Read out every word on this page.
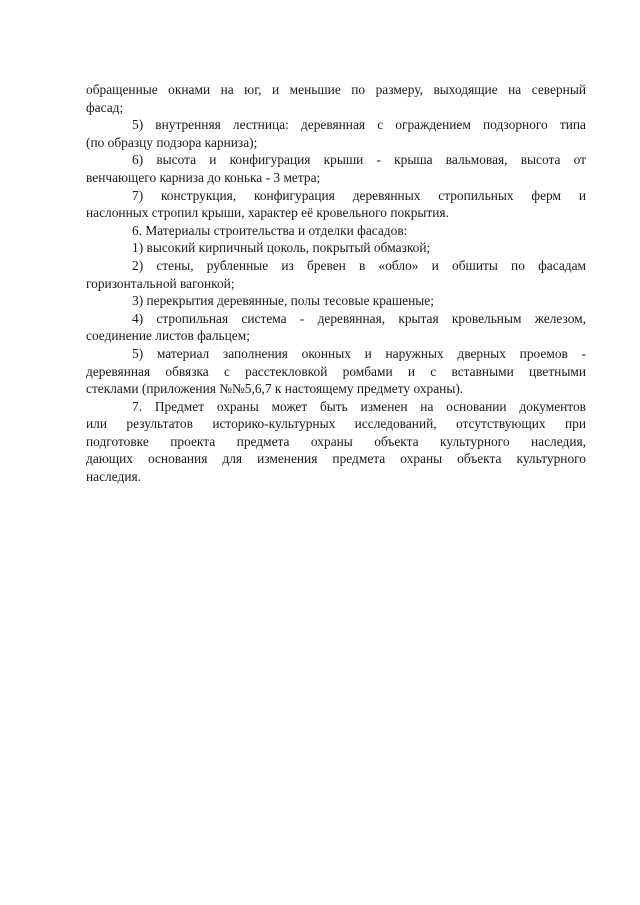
обращенные окнами на юг, и меньшие по размеру, выходящие на северный
фасад;
5) внутренняя лестница: деревянная с ограждением подзорного типа
(по образцу подзора карниза);
6) высота и конфигурация крыши - крыша вальмовая, высота от
венчающего карниза до конька - 3 метра;
7) конструкция, конфигурация деревянных стропильных ферм и
наслонных стропил крыши, характер её кровельного покрытия.
6. Материалы строительства и отделки фасадов:
1) высокий кирпичный цоколь, покрытый обмазкой;
2) стены, рубленные из бревен в «обло» и обшиты по фасадам
горизонтальной вагонкой;
3) перекрытия деревянные, полы тесовые крашеные;
4) стропильная система - деревянная, крытая кровельным железом,
соединение листов фальцем;
5) материал заполнения оконных и наружных дверных проемов -
деревянная обвязка с расстекловкой ромбами и с вставными цветными
стеклами (приложения №№5,6,7 к настоящему предмету охраны).
7. Предмет охраны может быть изменен на основании документов
или результатов историко-культурных исследований, отсутствующих при
подготовке проекта предмета охраны объекта культурного наследия,
дающих основания для изменения предмета охраны объекта культурного
наследия.
